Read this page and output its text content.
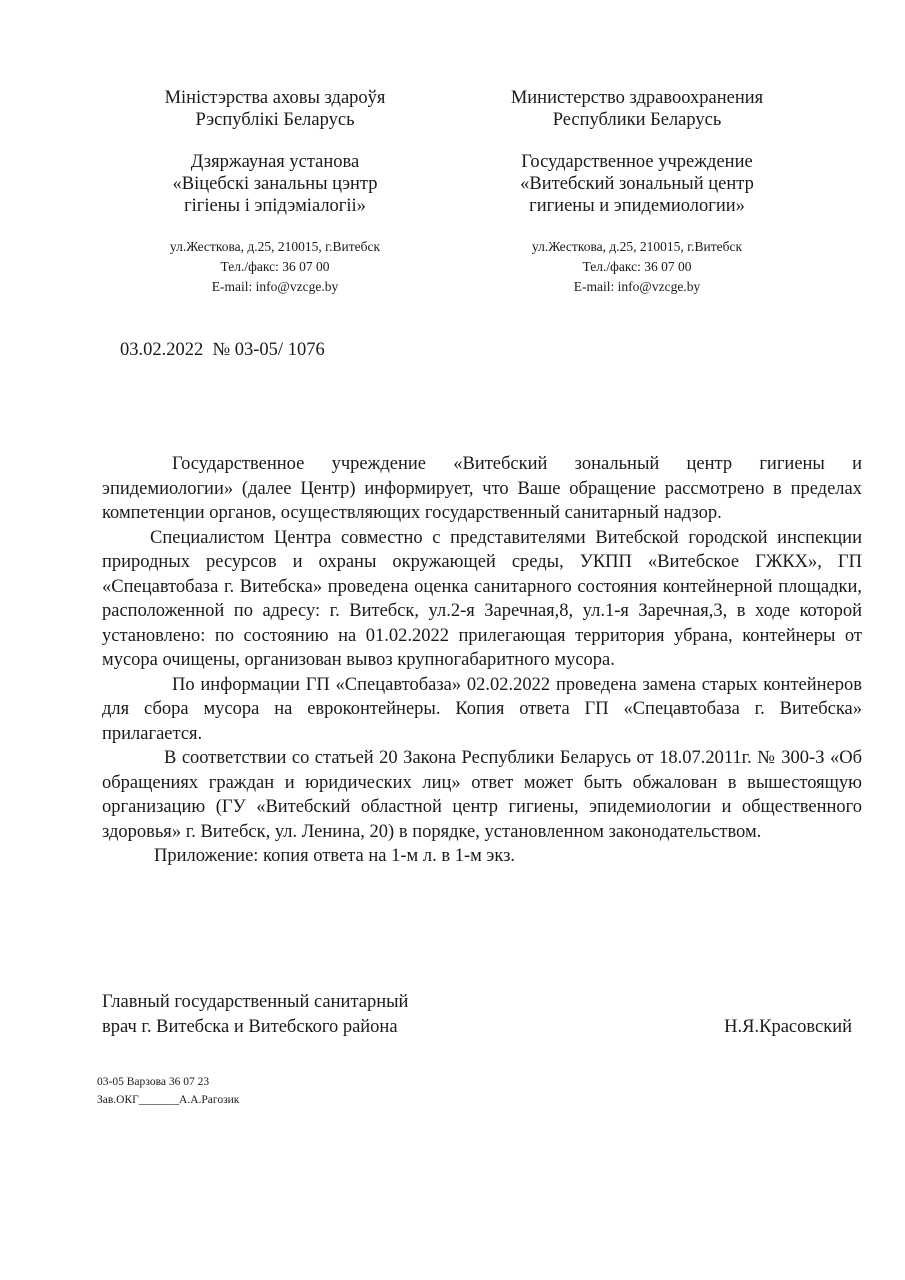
Міністэрства аховы здароўя
Рэспублікі Беларусь
Дзяржауная установа
«Віцебскі занальны цэнтр
гігіены і эпідэміалогіі»
ул.Жесткова, д.25, 210015, г.Витебск
Тел./факс: 36 07 00
E-mail: info@vzcge.by
Министерство здравоохранения
Республики Беларусь
Государственное учреждение
«Витебский зональный центр
гигиены и эпидемиологии»
ул.Жесткова, д.25, 210015, г.Витебск
Тел./факс: 36 07 00
E-mail: info@vzcge.by
03.02.2022 № 03-05/ 1076

Государственное учреждение «Витебский зональный центр гигиены и эпидемиологии» (далее Центр) информирует, что Ваше обращение рассмотрено в пределах компетенции органов, осуществляющих государственный санитарный надзор.

Специалистом Центра совместно с представителями Витебской городской инспекции природных ресурсов и охраны окружающей среды, УКПП «Витебское ГЖКХ», ГП «Спецавтобаза г. Витебска» проведена оценка санитарного состояния контейнерной площадки, расположенной по адресу: г. Витебск, ул.2-я Заречная,8, ул.1-я Заречная,3, в ходе которой установлено: по состоянию на 01.02.2022 прилегающая территория убрана, контейнеры от мусора очищены, организован вывоз крупногабаритного мусора.

По информации ГП «Спецавтобаза» 02.02.2022 проведена замена старых контейнеров для сбора мусора на евроконтейнеры. Копия ответа ГП «Спецавтобаза г. Витебска» прилагается.

В соответствии со статьей 20 Закона Республики Беларусь от 18.07.2011г. № 300-З «Об обращениях граждан и юридических лиц» ответ может быть обжалован в вышестоящую организацию (ГУ «Витебский областной центр гигиены, эпидемиологии и общественного здоровья» г. Витебск, ул. Ленина, 20) в порядке, установленном законодательством.

Приложение: копия ответа на 1-м л. в 1-м экз.

Главный государственный санитарный
врач г. Витебска и Витебского района	Н.Я.Красовский
03-05 Варзова 36 07 23
Зав.ОКГ_______А.А.Рагозик
